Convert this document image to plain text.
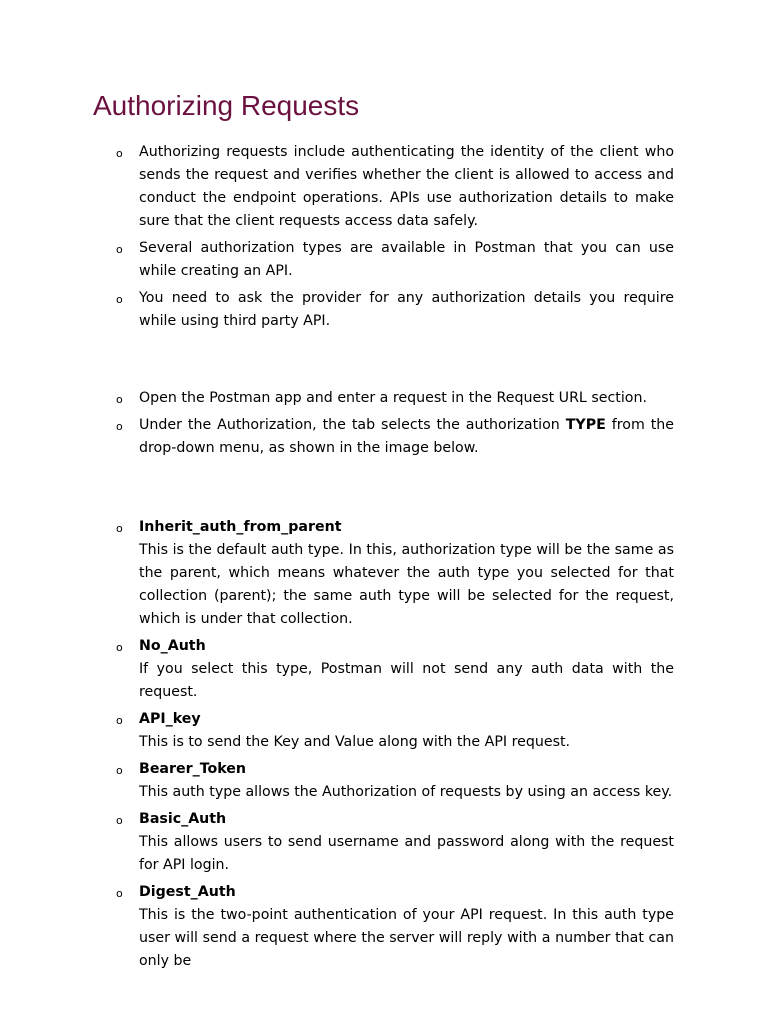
Authorizing Requests
o Authorizing requests include authenticating the identity of the client who sends the request and verifies whether the client is allowed to access and conduct the endpoint operations. APIs use authorization details to make sure that the client requests access data safely.
o Several authorization types are available in Postman that you can use while creating an API.
o You need to ask the provider for any authorization details you require while using third party API.
o Open the Postman app and enter a request in the Request URL section.
o Under the Authorization, the tab selects the authorization TYPE from the drop-down menu, as shown in the image below.
o Inherit_auth_from_parent
This is the default auth type. In this, authorization type will be the same as the parent, which means whatever the auth type you selected for that collection (parent); the same auth type will be selected for the request, which is under that collection.
o No_Auth
If you select this type, Postman will not send any auth data with the request.
o API_key
This is to send the Key and Value along with the API request.
o Bearer_Token
This auth type allows the Authorization of requests by using an access key.
o Basic_Auth
This allows users to send username and password along with the request for API login.
o Digest_Auth
This is the two-point authentication of your API request. In this auth type user will send a request where the server will reply with a number that can only be
